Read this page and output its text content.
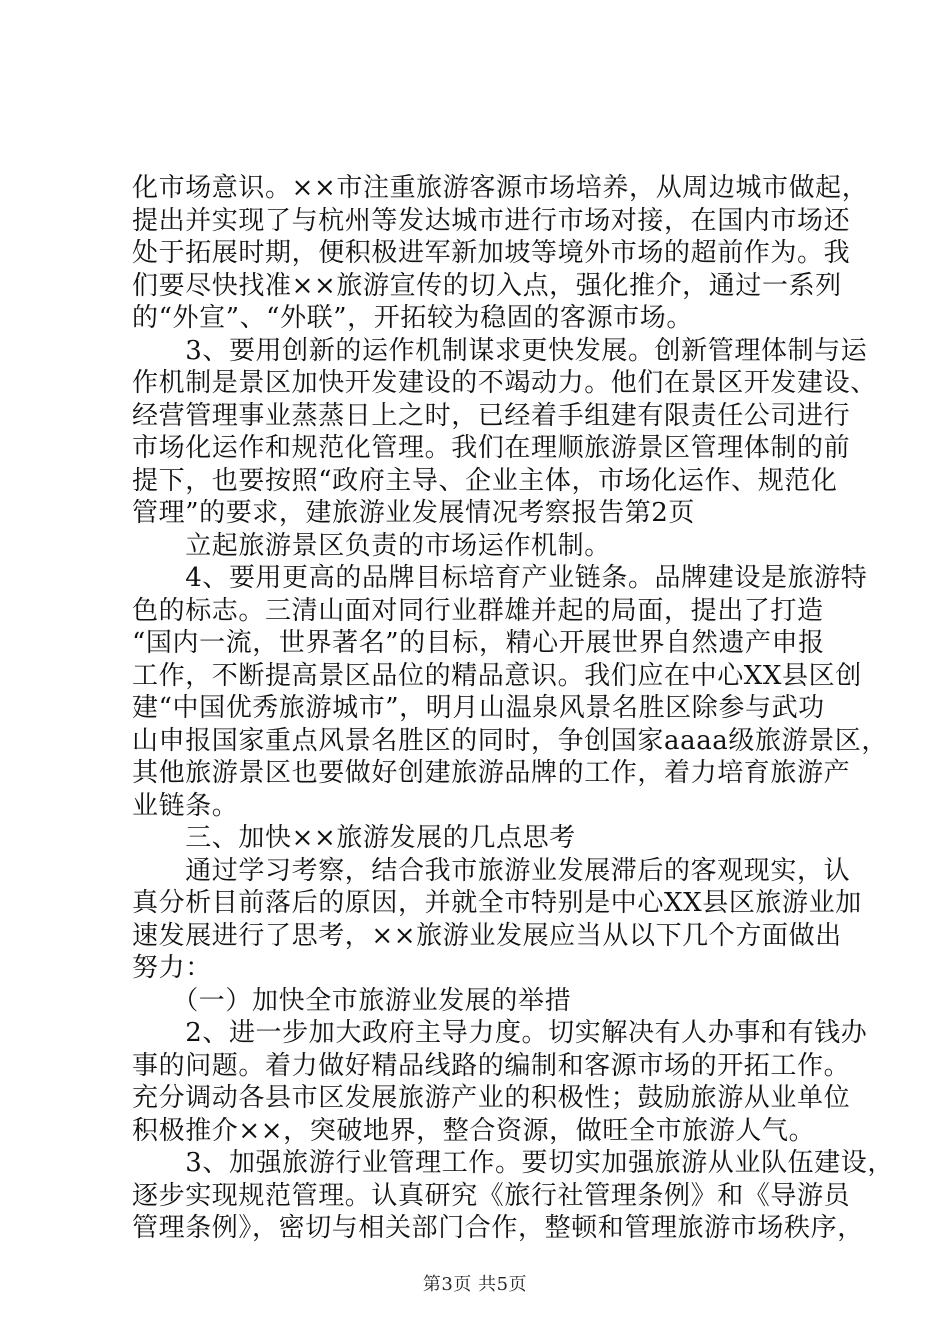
化市场意识。××市注重旅游客源市场培养，从周边城市做起，
提出并实现了与杭州等发达城市进行市场对接，在国内市场还
处于拓展时期，便积极进军新加坡等境外市场的超前作为。我
们要尽快找准××旅游宣传的切入点，强化推介，通过一系列
的“外宣”、“外联”，开拓较为稳固的客源市场。
　　3、要用创新的运作机制谋求更快发展。创新管理体制与运
作机制是景区加快开发建设的不竭动力。他们在景区开发建设、
经营管理事业蒸蒸日上之时，已经着手组建有限责任公司进行
市场化运作和规范化管理。我们在理顺旅游景区管理体制的前
提下，也要按照“政府主导、企业主体，市场化运作、规范化
管理”的要求，建旅游业发展情况考察报告第2页
　　立起旅游景区负责的市场运作机制。
　　4、要用更高的品牌目标培育产业链条。品牌建设是旅游特
色的标志。三清山面对同行业群雄并起的局面，提出了打造
“国内一流，世界著名”的目标，精心开展世界自然遗产申报
工作，不断提高景区品位的精品意识。我们应在中心XX县区创
建“中国优秀旅游城市”，明月山温泉风景名胜区除参与武功
山申报国家重点风景名胜区的同时，争创国家aaaa级旅游景区，
其他旅游景区也要做好创建旅游品牌的工作，着力培育旅游产
业链条。
　　三、加快××旅游发展的几点思考
　　通过学习考察，结合我市旅游业发展滞后的客观现实，认
真分析目前落后的原因，并就全市特别是中心XX县区旅游业加
速发展进行了思考，××旅游业发展应当从以下几个方面做出
努力：
　　（一）加快全市旅游业发展的举措
　　2、进一步加大政府主导力度。切实解决有人办事和有钱办
事的问题。着力做好精品线路的编制和客源市场的开拓工作。
充分调动各县市区发展旅游产业的积极性；鼓励旅游从业单位
积极推介××，突破地界，整合资源，做旺全市旅游人气。
　　3、加强旅游行业管理工作。要切实加强旅游从业队伍建设，
逐步实现规范管理。认真研究《旅行社管理条例》和《导游员
管理条例》，密切与相关部门合作，整顿和管理旅游市场秩序，
第3页 共5页
